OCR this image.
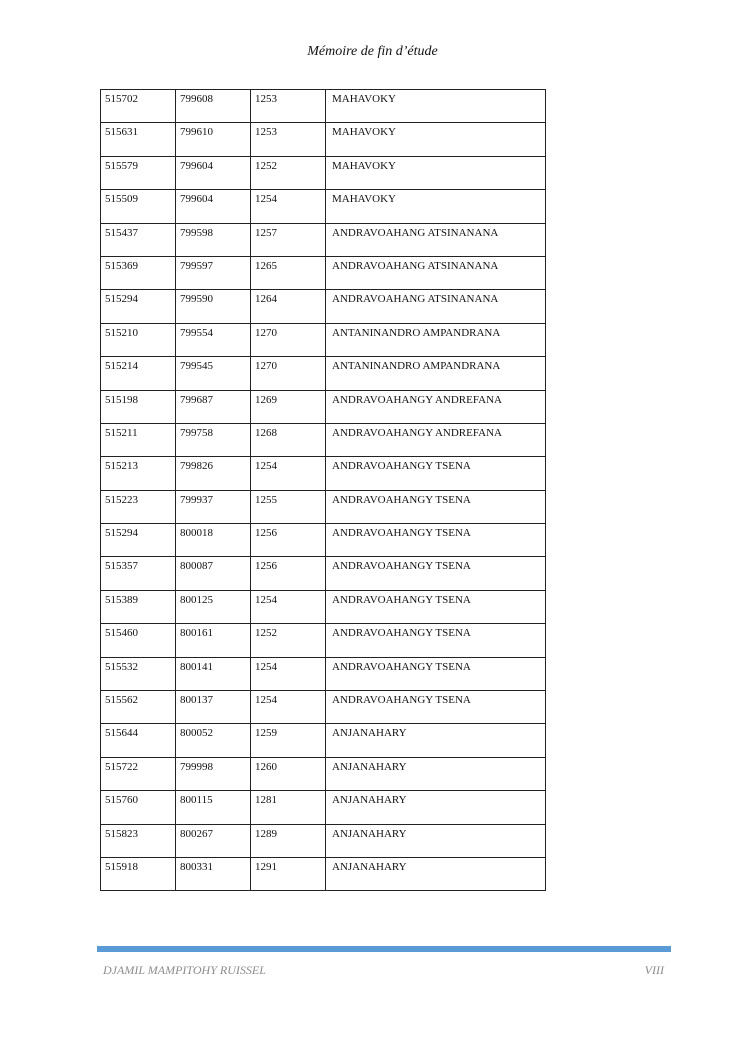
Mémoire de fin d’étude
515702	799608	1253	MAHAVOKY
515631	799610	1253	MAHAVOKY
515579	799604	1252	MAHAVOKY
515509	799604	1254	MAHAVOKY
515437	799598	1257	ANDRAVOAHANG ATSINANANA
515369	799597	1265	ANDRAVOAHANG ATSINANANA
515294	799590	1264	ANDRAVOAHANG ATSINANANA
515210	799554	1270	ANTANINANDRO AMPANDRANA
515214	799545	1270	ANTANINANDRO AMPANDRANA
515198	799687	1269	ANDRAVOAHANGY ANDREFANA
515211	799758	1268	ANDRAVOAHANGY ANDREFANA
515213	799826	1254	ANDRAVOAHANGY TSENA
515223	799937	1255	ANDRAVOAHANGY TSENA
515294	800018	1256	ANDRAVOAHANGY TSENA
515357	800087	1256	ANDRAVOAHANGY TSENA
515389	800125	1254	ANDRAVOAHANGY TSENA
515460	800161	1252	ANDRAVOAHANGY TSENA
515532	800141	1254	ANDRAVOAHANGY TSENA
515562	800137	1254	ANDRAVOAHANGY TSENA
515644	800052	1259	ANJANAHARY
515722	799998	1260	ANJANAHARY
515760	800115	1281	ANJANAHARY
515823	800267	1289	ANJANAHARY
515918	800331	1291	ANJANAHARY
DJAMIL MAMPITOHY RUISSEL	VIII
